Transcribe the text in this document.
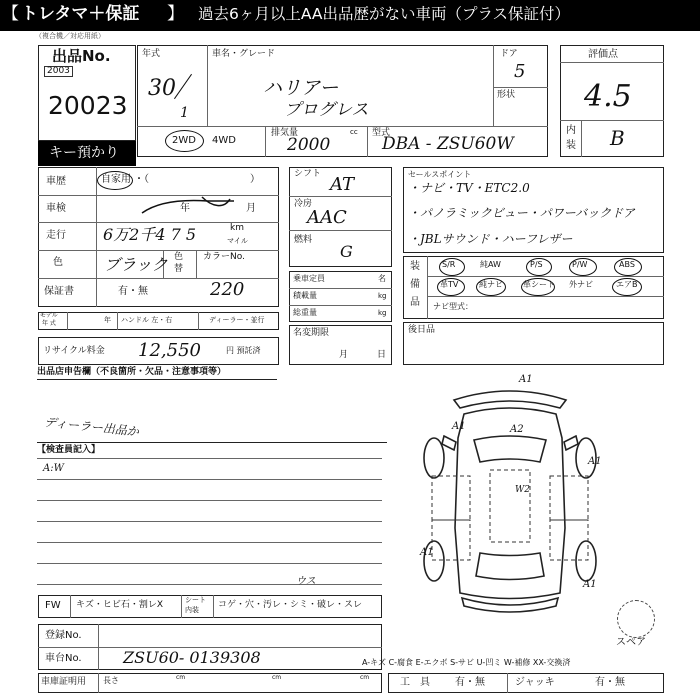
【 トレタマ＋保証 】 過去6ヶ月以上AA出品歴がない車両（プラス保証付）
（複合機／対応用紙）
出品No.
2003
20023
キー預かり
年式
30
1
車名・グレード
ハリアー
プログレス
ドア
5
形状
2WD 4WD
排気量	cc
2000
型式
DBA - ZSU60W
評価点
4.5
内
装 B
車歴	自家用 ・（	）
車検	年	月
走行 6万2千4 7 5	km
マイル
色	ブラック 色
替
カラーNo.
保証書	有・無	220
モデル
年 式	年 ハンドル 左・右	ディーラー・並行
リサイクル料金 12,550	円 預託済
シフト AT
冷房
AAC
燃料
G
乗車定員	名
積載量	kg
総重量	kg
名変期限
月	日
セールスポイント
・ナビ・TV・ETC2.0
・パノラミックビュー・パワーバックドア
・JBLサウンド・ハーフレザー
装
備
品
S/R	純AW	P/S	P/W	ABS
革TV	純ナビ	革シート 外ナビ	エアB
ナビ型式：
後日品
出品店申告欄（不良箇所・欠品・注意事項等）
ディーラー出品か
【検査員記入】
A:W
A1
A1	A2
W2
A1
A1
A1
スペア
FW キズ・ヒビ石・割レX	シート
内装 コゲ・穴・汚レ・シミ・破レ・スレ
ウス
登録No.
車台No.	ZSU60- 0139308
車庫証明用 長さ	cm	cm	cm
A-キズ C-腐食 E-エクボ S-サビ U-凹ミ W-補修 XX-交換済
工　具	有・無	ジャッキ	有・無
